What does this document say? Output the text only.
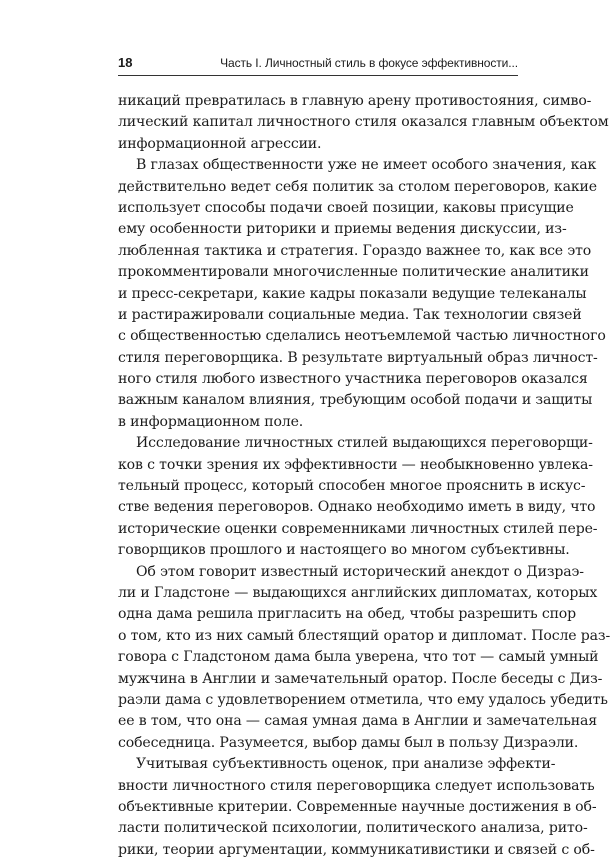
18	Часть I. Личностный стиль в фокусе эффективности...
никаций превратилась в главную арену противостояния, симво-
лический капитал личностного стиля оказался главным объектом
информационной агрессии.
В глазах общественности уже не имеет особого значения, как
действительно ведет себя политик за столом переговоров, какие
использует способы подачи своей позиции, каковы присущие
ему особенности риторики и приемы ведения дискуссии, из-
любленная тактика и стратегия. Гораздо важнее то, как все это
прокомментировали многочисленные политические аналитики
и пресс-секретари, какие кадры показали ведущие телеканалы
и растиражировали социальные медиа. Так технологии связей
с общественностью сделались неотъемлемой частью личностного
стиля переговорщика. В результате виртуальный образ личност-
ного стиля любого известного участника переговоров оказался
важным каналом влияния, требующим особой подачи и защиты
в информационном поле.
Исследование личностных стилей выдающихся переговорщи-
ков с точки зрения их эффективности — необыкновенно увлека-
тельный процесс, который способен многое прояснить в искус-
стве ведения переговоров. Однако необходимо иметь в виду, что
исторические оценки современниками личностных стилей пере-
говорщиков прошлого и настоящего во многом субъективны.
Об этом говорит известный исторический анекдот о Дизраэ-
ли и Гладстоне — выдающихся английских дипломатах, которых
одна дама решила пригласить на обед, чтобы разрешить спор
о том, кто из них самый блестящий оратор и дипломат. После раз-
говора с Гладстоном дама была уверена, что тот — самый умный
мужчина в Англии и замечательный оратор. После беседы с Диз-
раэли дама с удовлетворением отметила, что ему удалось убедить
ее в том, что она — самая умная дама в Англии и замечательная
собеседница. Разумеется, выбор дамы был в пользу Дизраэли.
Учитывая субъективность оценок, при анализе эффекти-
вности личностного стиля переговорщика следует использовать
объективные критерии. Современные научные достижения в об-
ласти политической психологии, политического анализа, рито-
рики, теории аргументации, коммуникативистики и связей с об-
